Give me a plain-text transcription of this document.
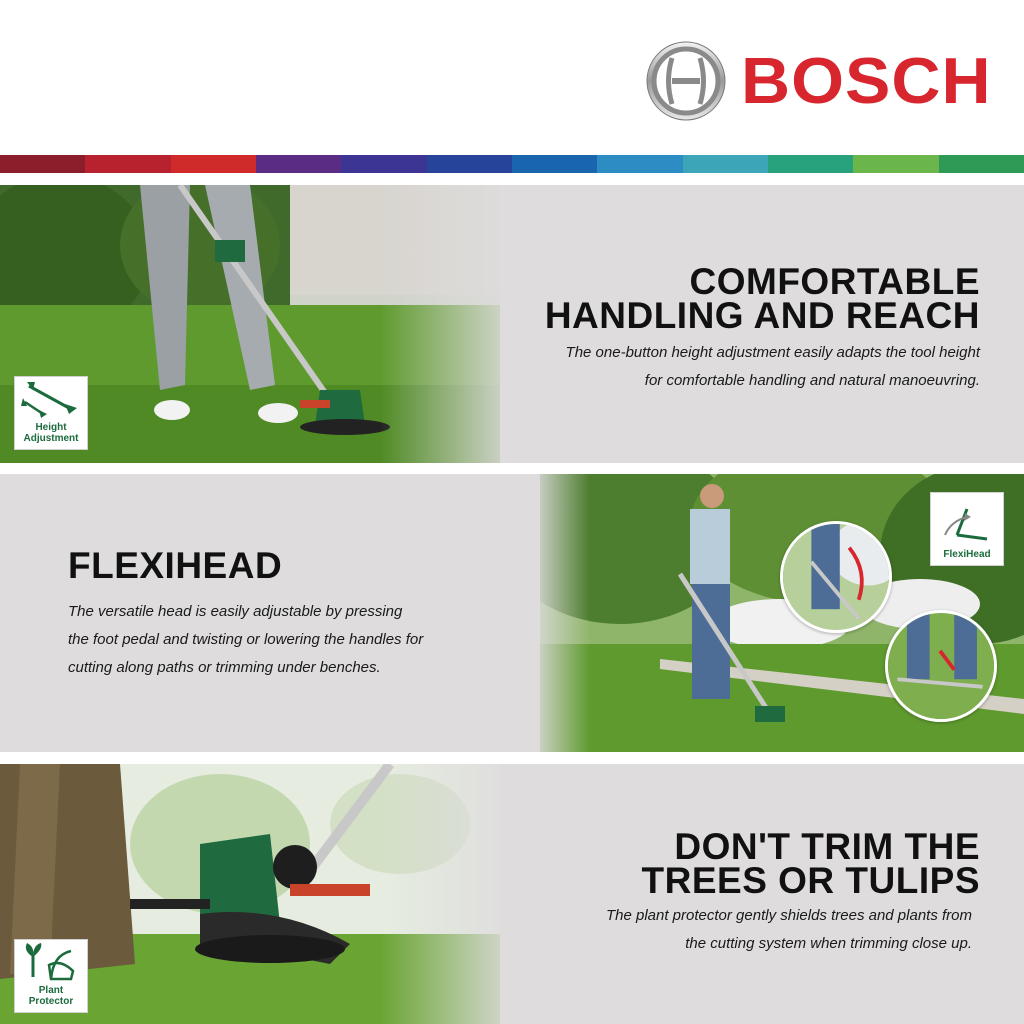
BOSCH
Height
Adjustment
COMFORTABLE
HANDLING AND REACH
The one-button height adjustment easily adapts the tool height
for comfortable handling and natural manoeuvring.
FlexiHead
FLEXIHEAD
The versatile head is easily adjustable by pressing
the foot pedal and twisting or lowering the handles for
cutting along paths or trimming under benches.
Plant
Protector
DON'T TRIM THE
TREES OR TULIPS
The plant protector gently shields trees and plants from
the cutting system when trimming close up.
